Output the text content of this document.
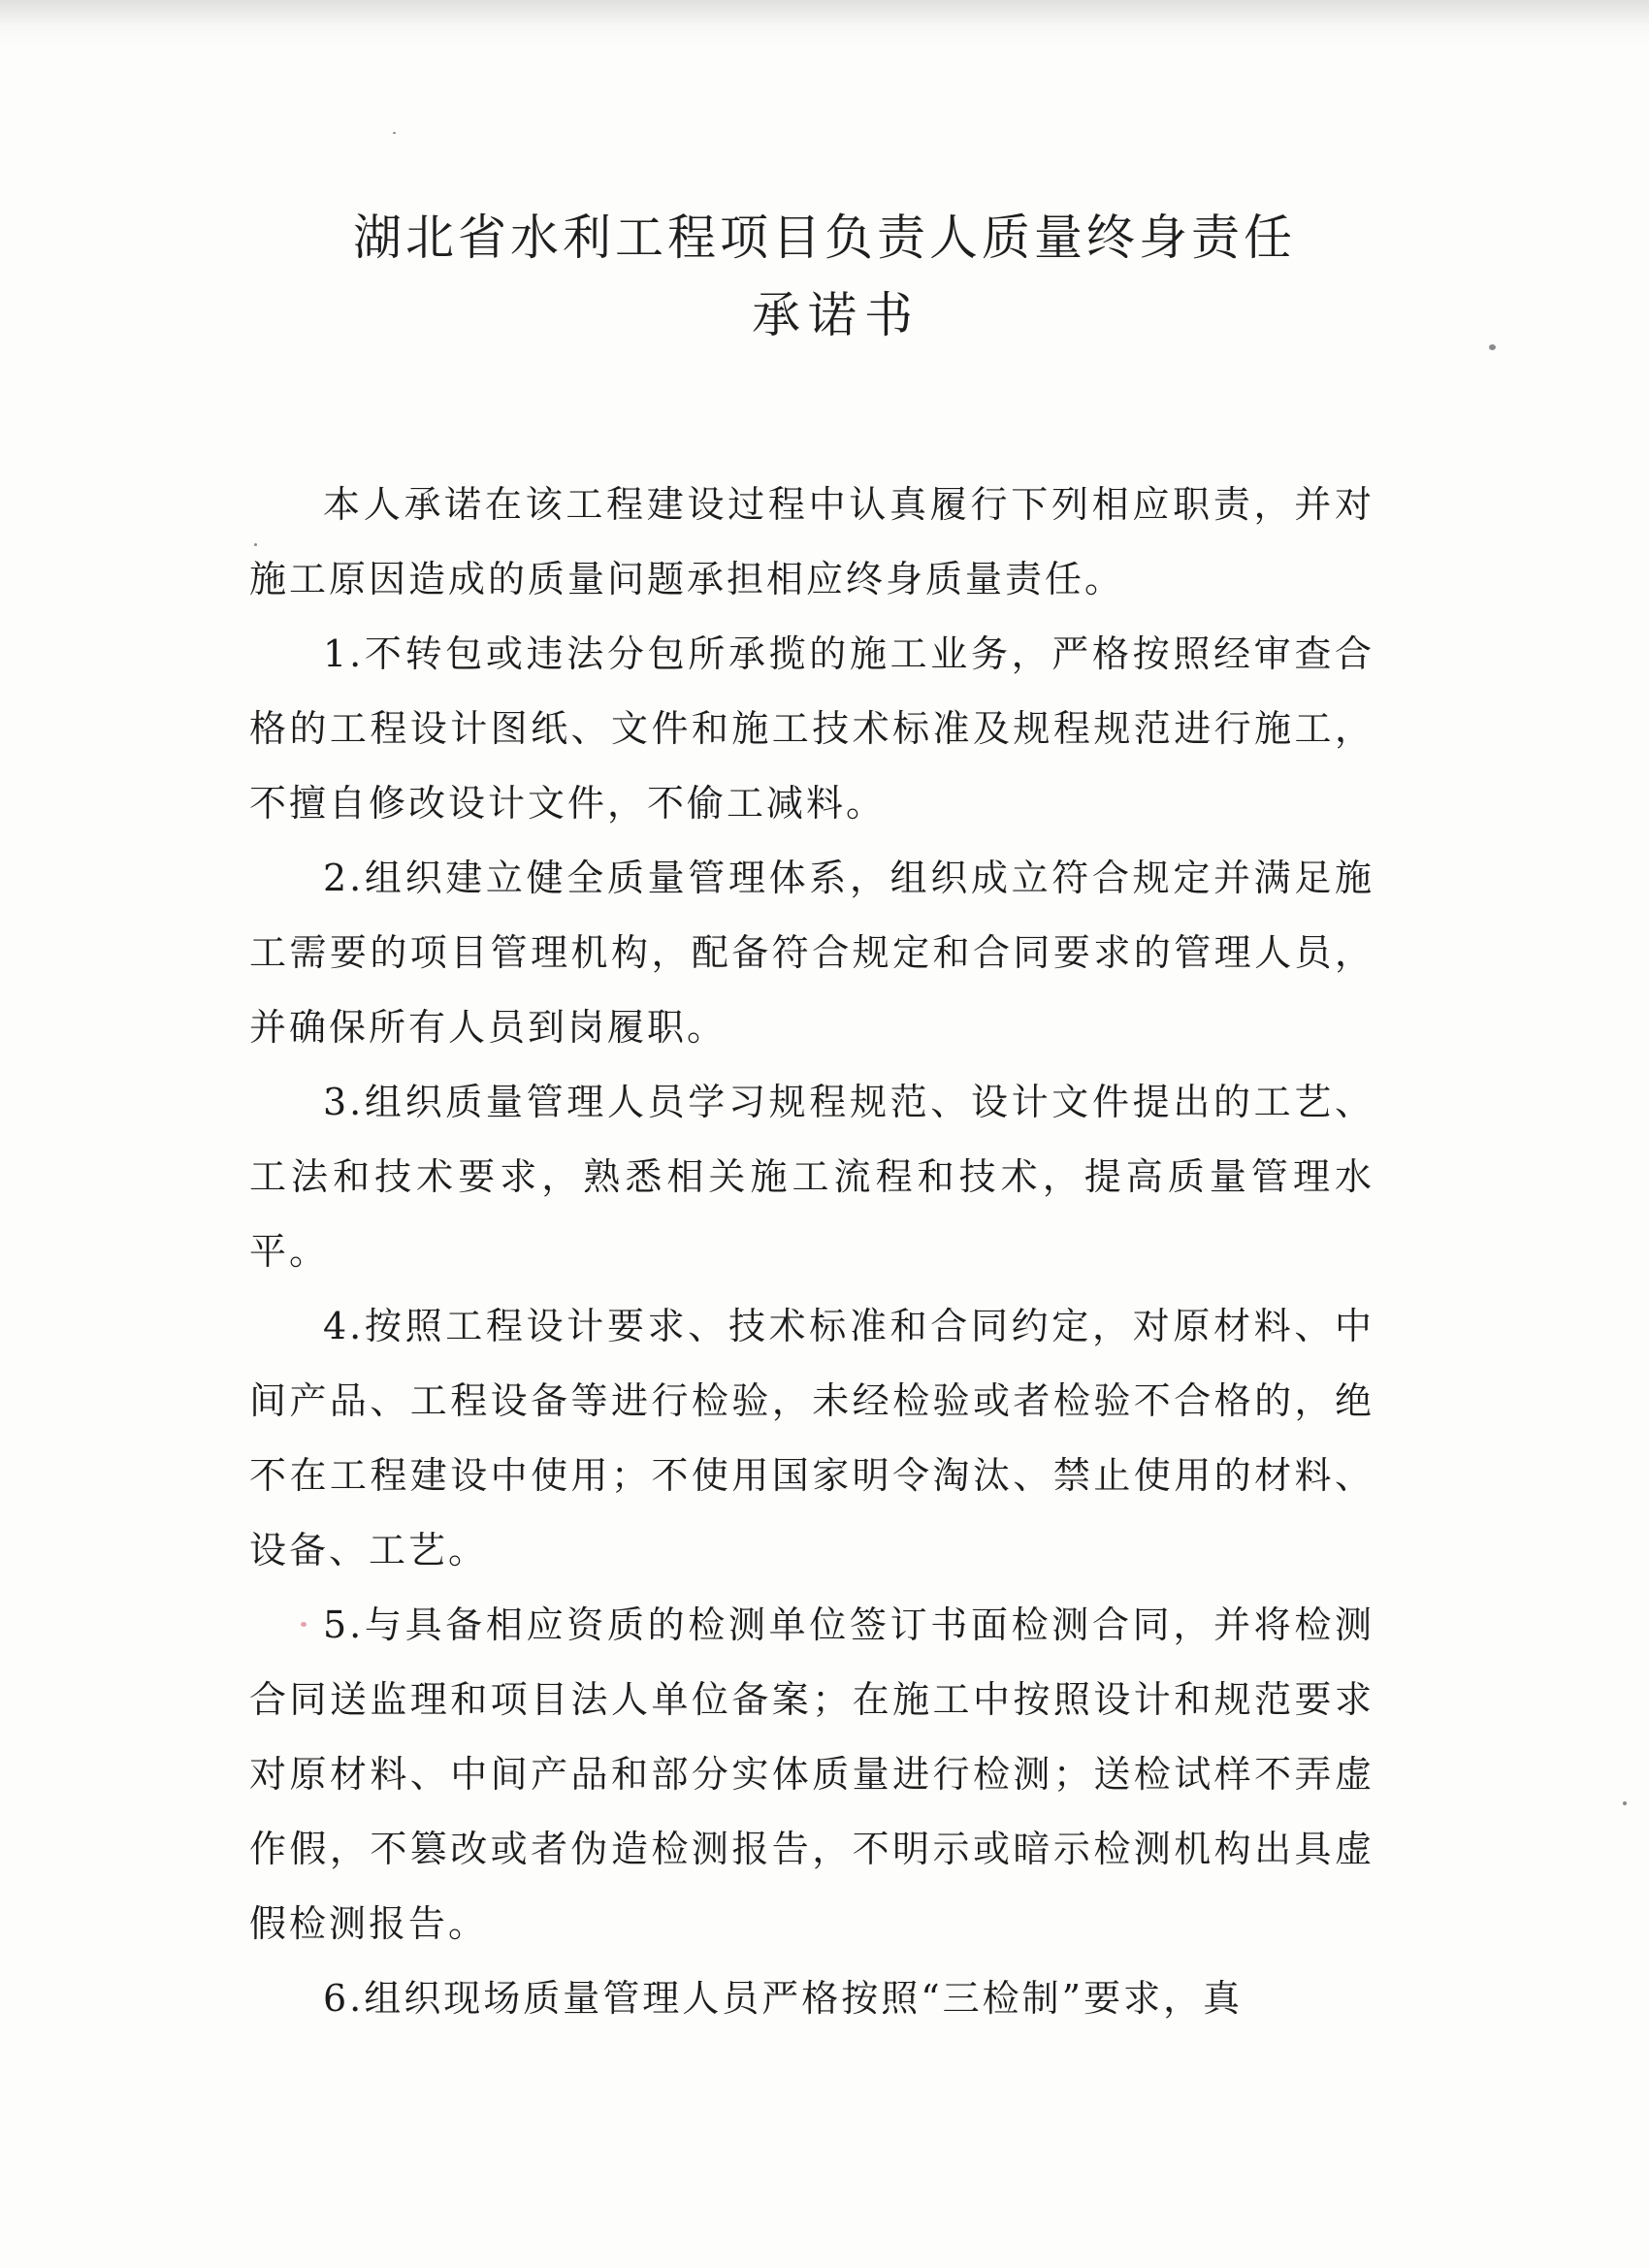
湖北省水利工程项目负责人质量终身责任
承诺书

本人承诺在该工程建设过程中认真履行下列相应职责，并对施工原因造成的质量问题承担相应终身质量责任。

1.不转包或违法分包所承揽的施工业务，严格按照经审查合格的工程设计图纸、文件和施工技术标准及规程规范进行施工，不擅自修改设计文件，不偷工减料。

2.组织建立健全质量管理体系，组织成立符合规定并满足施工需要的项目管理机构，配备符合规定和合同要求的管理人员，并确保所有人员到岗履职。

3.组织质量管理人员学习规程规范、设计文件提出的工艺、工法和技术要求，熟悉相关施工流程和技术，提高质量管理水平。

4.按照工程设计要求、技术标准和合同约定，对原材料、中间产品、工程设备等进行检验，未经检验或者检验不合格的，绝不在工程建设中使用；不使用国家明令淘汰、禁止使用的材料、设备、工艺。

5.与具备相应资质的检测单位签订书面检测合同，并将检测合同送监理和项目法人单位备案；在施工中按照设计和规范要求对原材料、中间产品和部分实体质量进行检测；送检试样不弄虚作假，不篡改或者伪造检测报告，不明示或暗示检测机构出具虚假检测报告。

6.组织现场质量管理人员严格按照“三检制”要求，真
